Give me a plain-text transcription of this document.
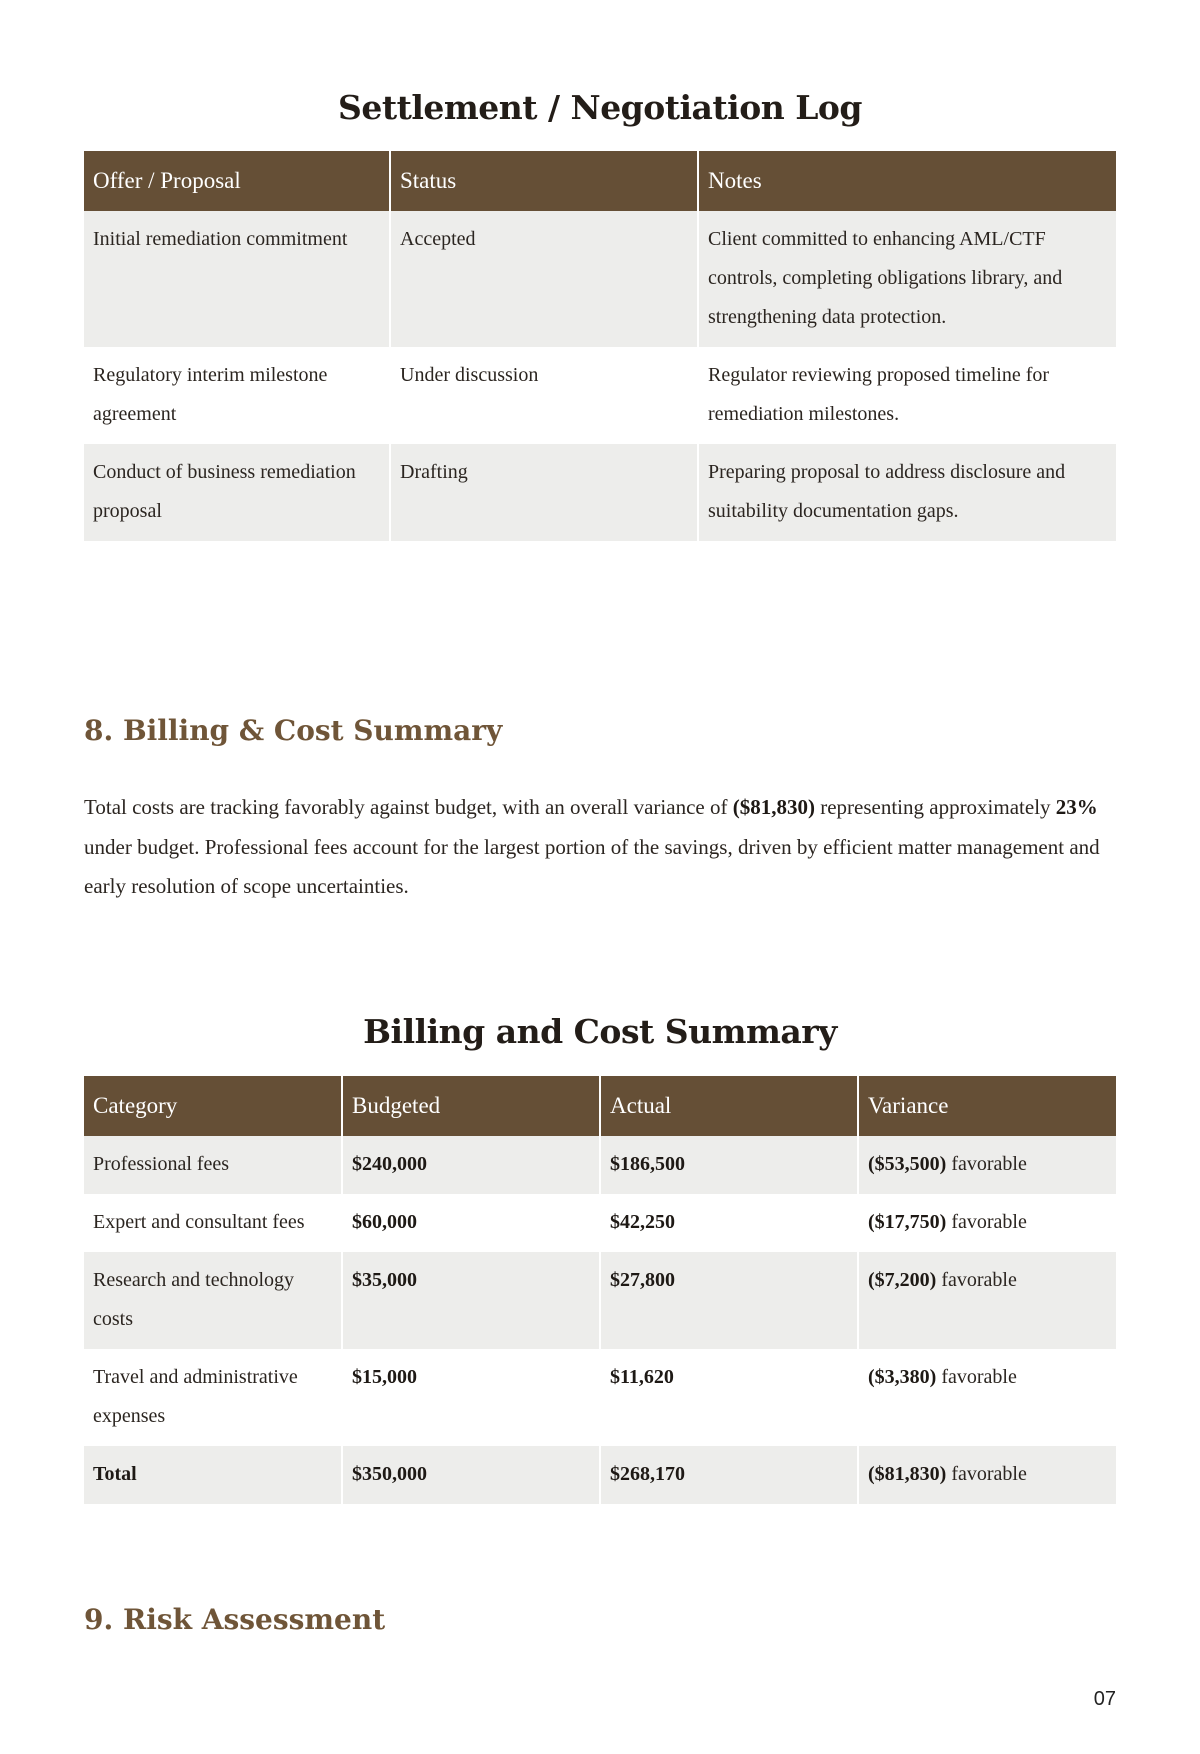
Settlement / Negotiation Log
Offer / Proposal	Status	Notes
Initial remediation commitment	Accepted	Client committed to enhancing AML/CTF controls, completing obligations library, and strengthening data protection.
Regulatory interim milestone agreement	Under discussion	Regulator reviewing proposed timeline for remediation milestones.
Conduct of business remediation proposal	Drafting	Preparing proposal to address disclosure and suitability documentation gaps.
8. Billing & Cost Summary

Total costs are tracking favorably against budget, with an overall variance of ($81,830) representing approximately 23% under budget. Professional fees account for the largest portion of the savings, driven by efficient matter management and early resolution of scope uncertainties.

Billing and Cost Summary
Category	Budgeted	Actual	Variance
Professional fees	$240,000	$186,500	($53,500) favorable
Expert and consultant fees	$60,000	$42,250	($17,750) favorable
Research and technology costs	$35,000	$27,800	($7,200) favorable
Travel and administrative expenses	$15,000	$11,620	($3,380) favorable
Total	$350,000	$268,170	($81,830) favorable
9. Risk Assessment
07
